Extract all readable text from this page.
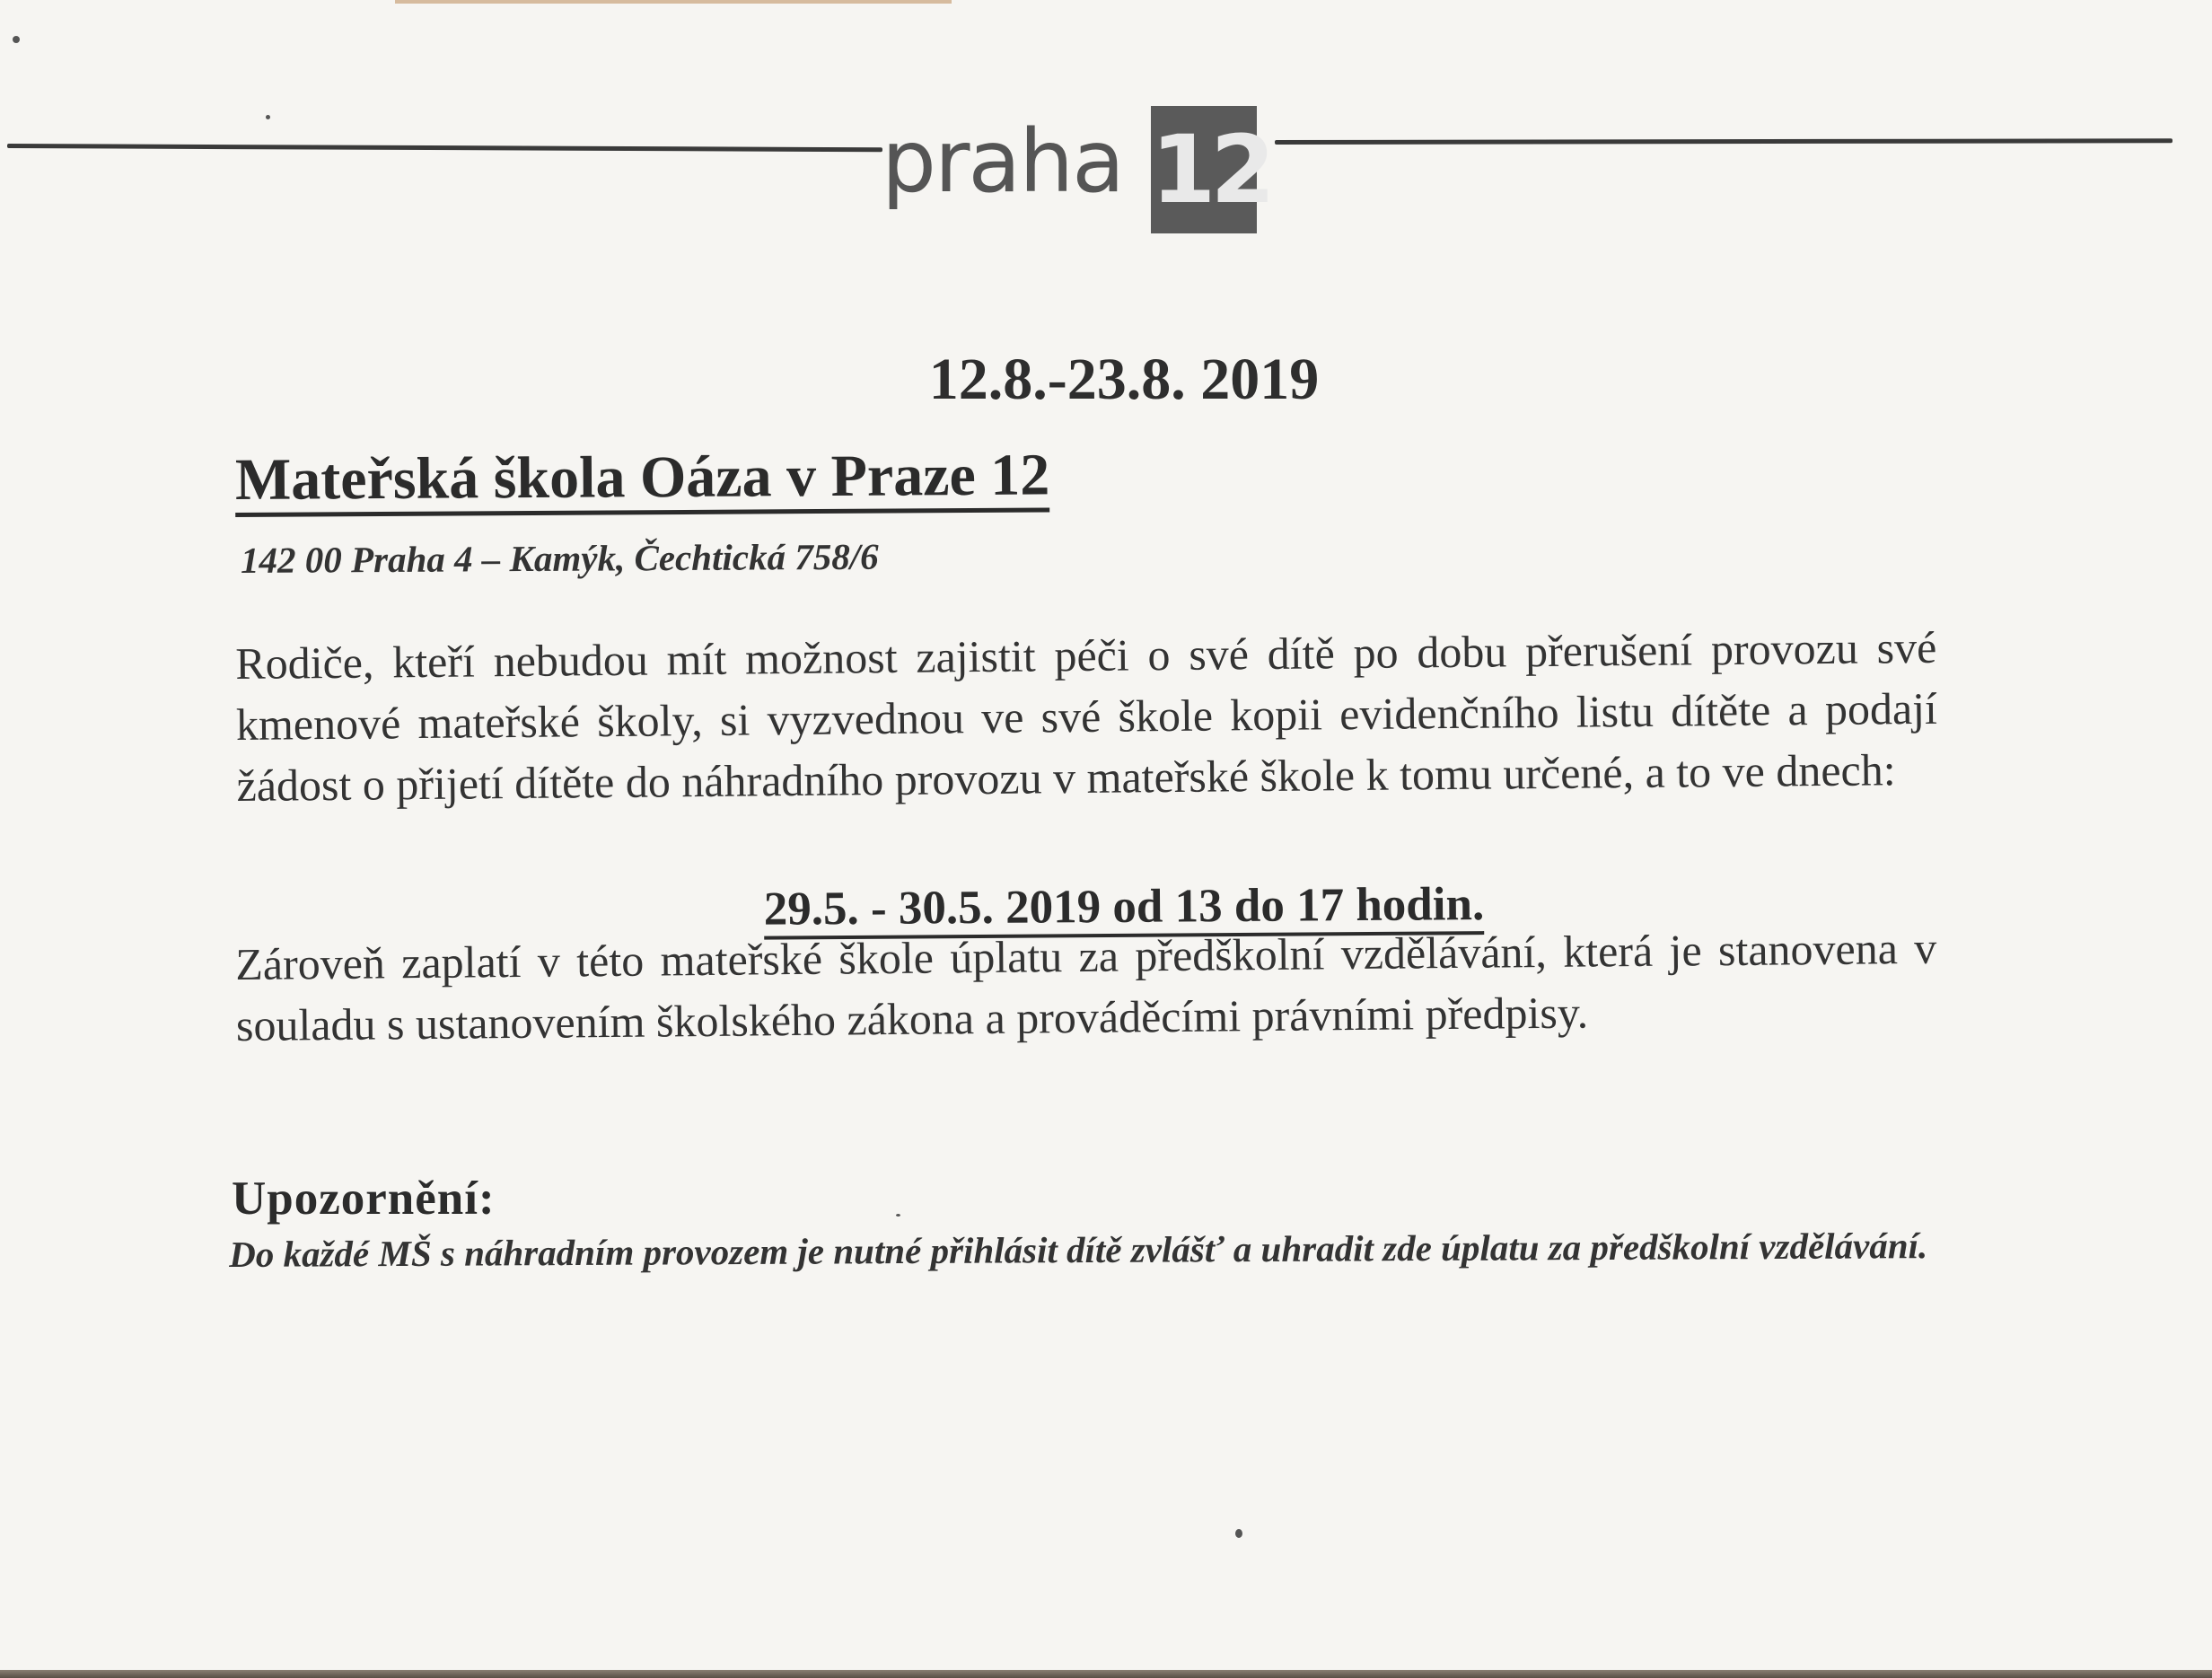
praha 12
12.8.-23.8. 2019
Mateřská škola Oáza v Praze 12
142 00 Praha 4 – Kamýk, Čechtická 758/6
Rodiče, kteří nebudou mít možnost zajistit péči o své dítě po dobu přerušení provozu své kmenové mateřské školy, si vyzvednou ve své škole kopii evidenčního listu dítěte a podají žádost o přijetí dítěte do náhradního provozu v mateřské škole k tomu určené, a to ve dnech:
29.5. - 30.5. 2019 od 13 do 17 hodin.
Zároveň zaplatí v této mateřské škole úplatu za předškolní vzdělávání, která je stanovena v souladu s ustanovením školského zákona a prováděcími právními předpisy.
Upozornění:
Do každé MŠ s náhradním provozem je nutné přihlásit dítě zvlášť a uhradit zde úplatu za předškolní vzdělávání.
